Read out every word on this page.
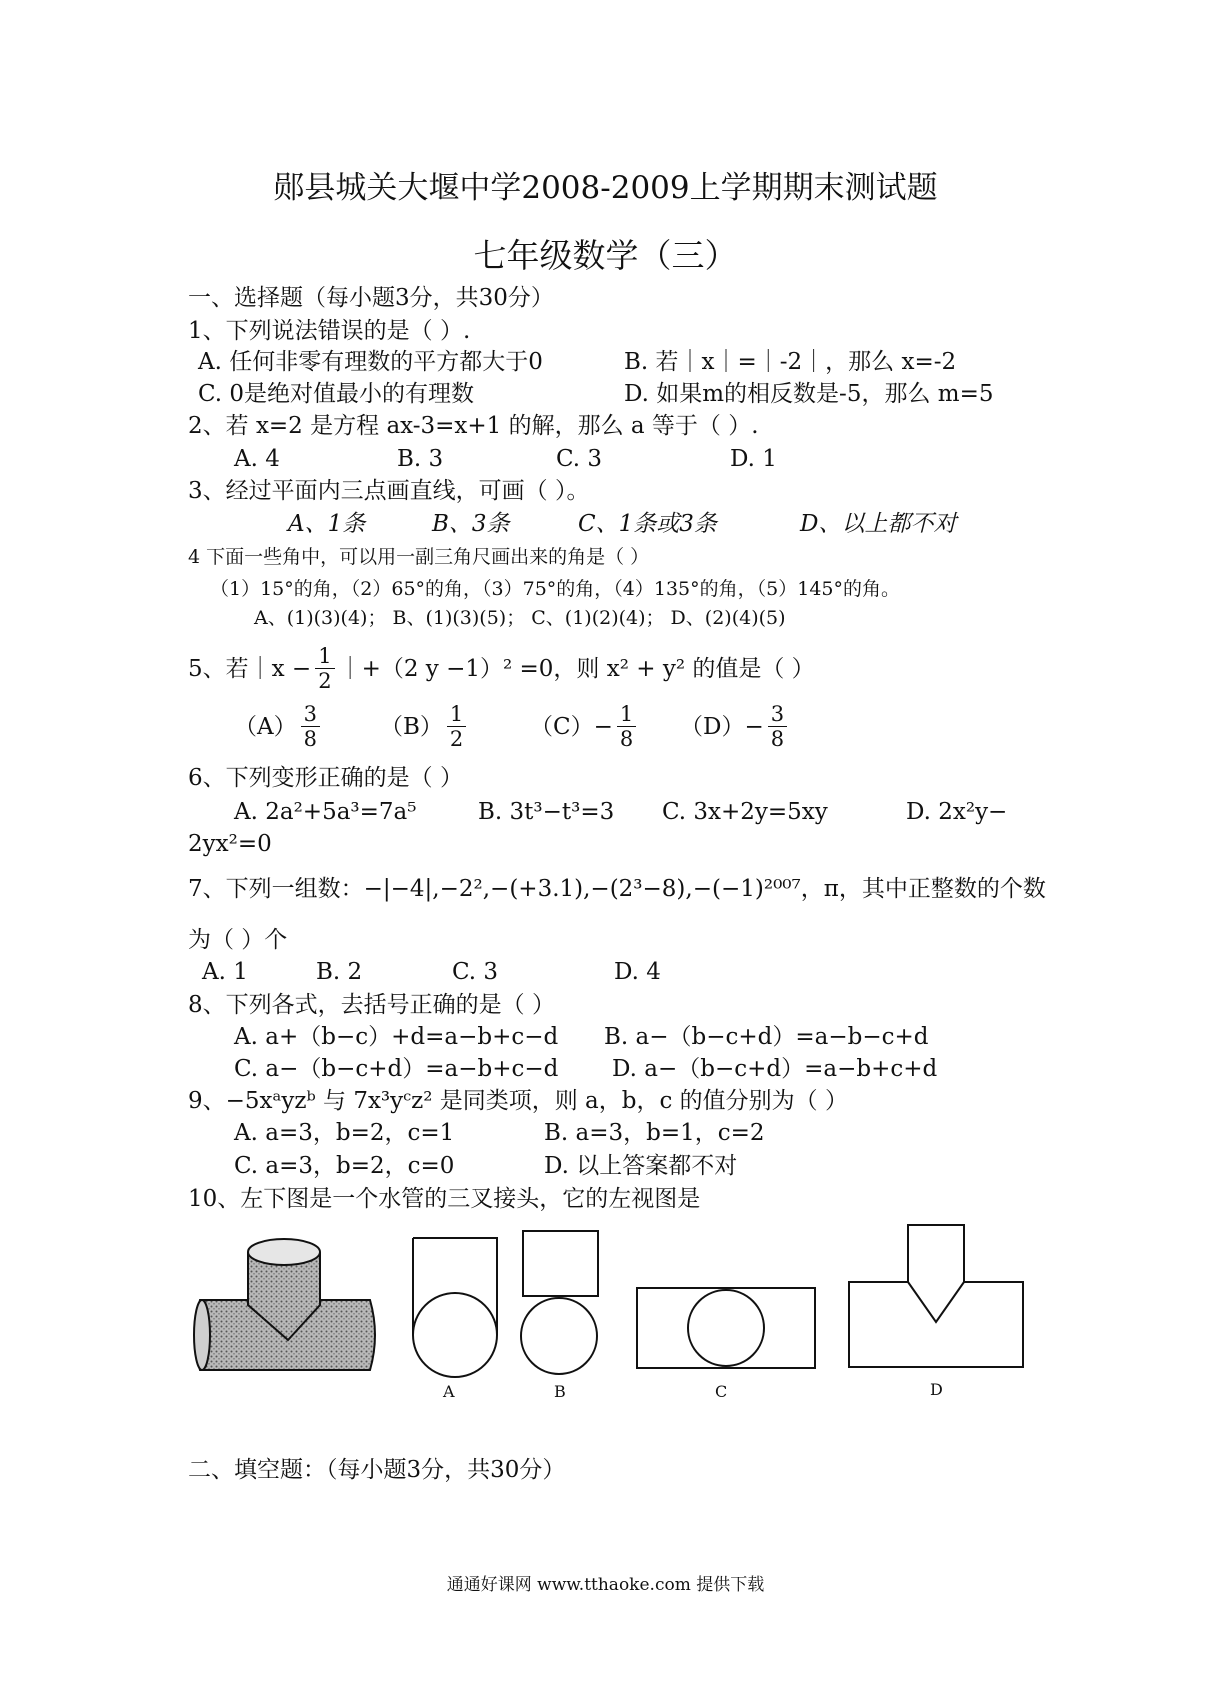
郧县城关大堰中学2008-2009上学期期末测试题
七年级数学（三）
一、选择题（每小题3分，共30分）
1、下列说法错误的是（ ）.
A. 任何非零有理数的平方都大于0	B. 若｜x｜=｜-2｜，那么 x=-2
C. 0是绝对值最小的有理数	D. 如果m的相反数是-5，那么 m=5
2、若 x=2 是方程 ax-3=x+1 的解，那么 a 等于（ ）.
A. 4	B. 3	C. 3	D. 1
3、经过平面内三点画直线，可画（ ）。
A、1条	B、3条	C、1条或3条	D、以上都不对
4 下面一些角中，可以用一副三角尺画出来的角是（ ）
（1）15°的角，（2）65°的角，（3）75°的角，（4）135°的角，（5）145°的角。
A、(1)(3)(4)； B、(1)(3)(5)； C、(1)(2)(4)； D、(2)(4)(5)
5、若｜x − $\frac{1}{2}$ ｜+（2 y −1）² =0，则 x² + y² 的值是（ ）
$(A) \frac{3}{8}$	$(B) \frac{1}{2}$	$(C)- \frac{1}{8} (D)- \frac{3}{8}$
6、下列变形正确的是（ ）
A. 2a²+5a³=7a⁵	B. 3t³−t³=3 C. 3x+2y=5xy	D. 2x²y−
2yx²=0
7、下列一组数：−|−4|,−2²,−(+3.1),−(2³−8),−(−1)²⁰⁰⁷，π，其中正整数的个数
为（ ）个
A. 1	B. 2	C. 3	D. 4
8、下列各式，去括号正确的是（ ）
A. a+（b−c）+d=a−b+c−d B. a−（b−c+d）=a−b−c+d
C. a−（b−c+d）=a−b+c−d D. a−（b−c+d）=a−b+c+d
9、−5xᵃyzᵇ 与 7x³yᶜz² 是同类项，则 a，b，c 的值分别为（ ）
A. a=3，b=2，c=1	B. a=3，b=1，c=2
C. a=3，b=2，c=0	D. 以上答案都不对
10、左下图是一个水管的三叉接头，它的左视图是
A	B	C	D
二、填空题：（每小题3分，共30分）
通通好课网 www.tthaoke.com 提供下载
